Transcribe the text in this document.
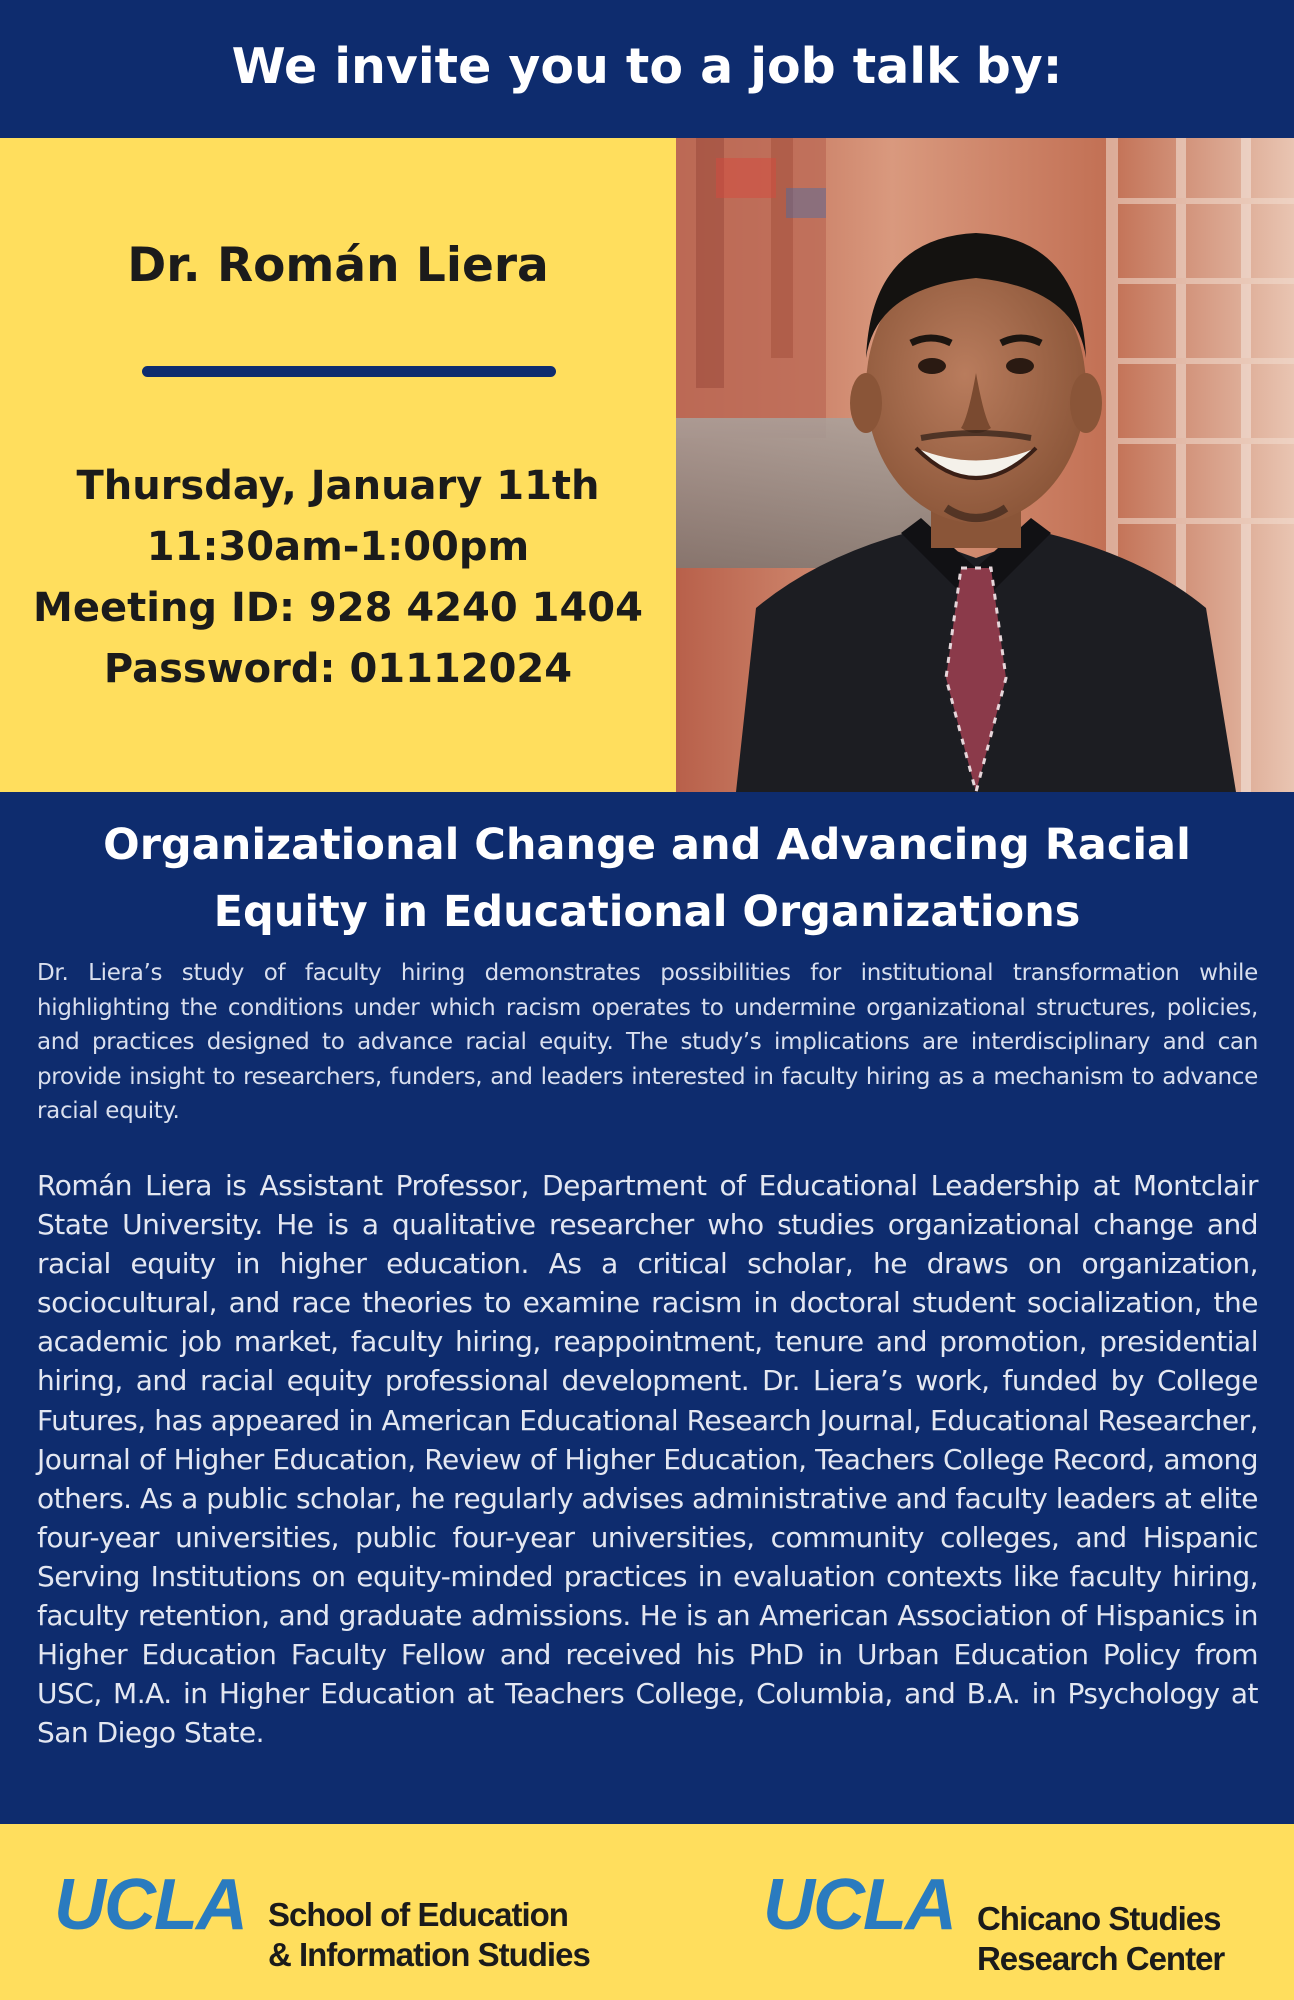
We invite you to a job talk by:
Dr. Román Liera
Thursday, January 11th
11:30am-1:00pm
Meeting ID: 928 4240 1404
Password: 01112024
Organizational Change and Advancing Racial
Equity in Educational Organizations
Dr. Liera’s study of faculty hiring demonstrates possibilities for institutional transformation while highlighting the conditions under which racism operates to undermine organizational structures, policies, and practices designed to advance racial equity. The study’s implications are interdisciplinary and can provide insight to researchers, funders, and leaders interested in faculty hiring as a mechanism to advance racial equity.
Román Liera is Assistant Professor, Department of Educational Leadership at Montclair State University. He is a qualitative researcher who studies organizational change and racial equity in higher education. As a critical scholar, he draws on organization, sociocultural, and race theories to examine racism in doctoral student socialization, the academic job market, faculty hiring, reappointment, tenure and promotion, presidential hiring, and racial equity professional development. Dr. Liera’s work, funded by College Futures, has appeared in American Educational Research Journal, Educational Researcher, Journal of Higher Education, Review of Higher Education, Teachers College Record, among others. As a public scholar, he regularly advises administrative and faculty leaders at elite four-year universities, public four-year universities, community colleges, and Hispanic Serving Institutions on equity-minded practices in evaluation contexts like faculty hiring, faculty retention, and graduate admissions. He is an American Association of Hispanics in Higher Education Faculty Fellow and received his PhD in Urban Education Policy from USC, M.A. in Higher Education at Teachers College, Columbia, and B.A. in Psychology at San Diego State.
UCLA School of Education
& Information Studies
UCLA Chicano Studies
Research Center
